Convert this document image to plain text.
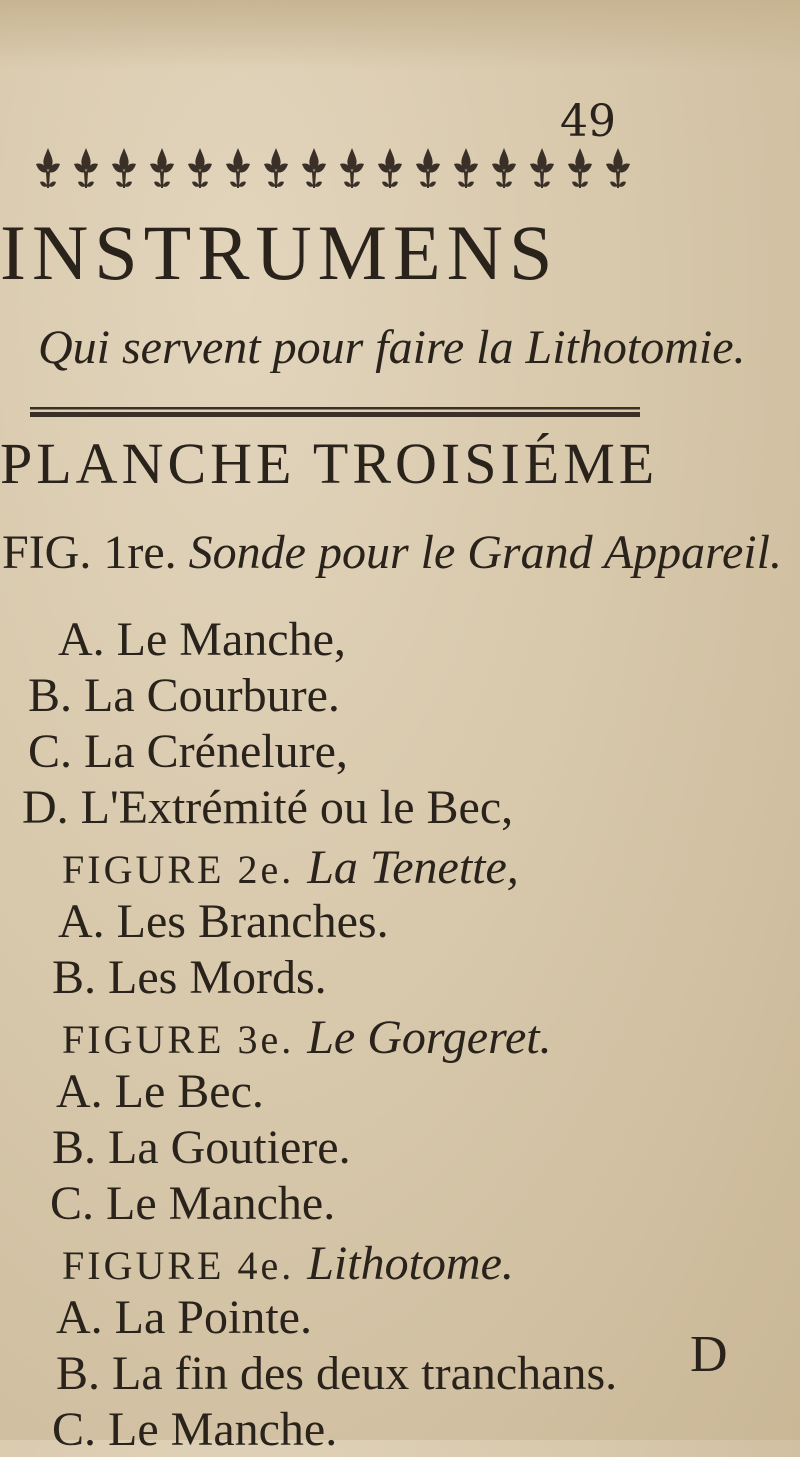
49
INSTRUMENS
Qui servent pour faire la Lithotomie.
PLANCHE TROISIÉME
FIG. 1re. Sonde pour le Grand Appareil.
A. Le Manche,
B. La Courbure.
C. La Crénelure,
D. L'Extrémité ou le Bec,
FIGURE 2e. La Tenette,
A. Les Branches.
B. Les Mords.
FIGURE 3e. Le Gorgeret.
A. Le Bec.
B. La Goutiere.
C. Le Manche.
FIGURE 4e. Lithotome.
A. La Pointe.
B. La fin des deux tranchans.
C. Le Manche.
D
